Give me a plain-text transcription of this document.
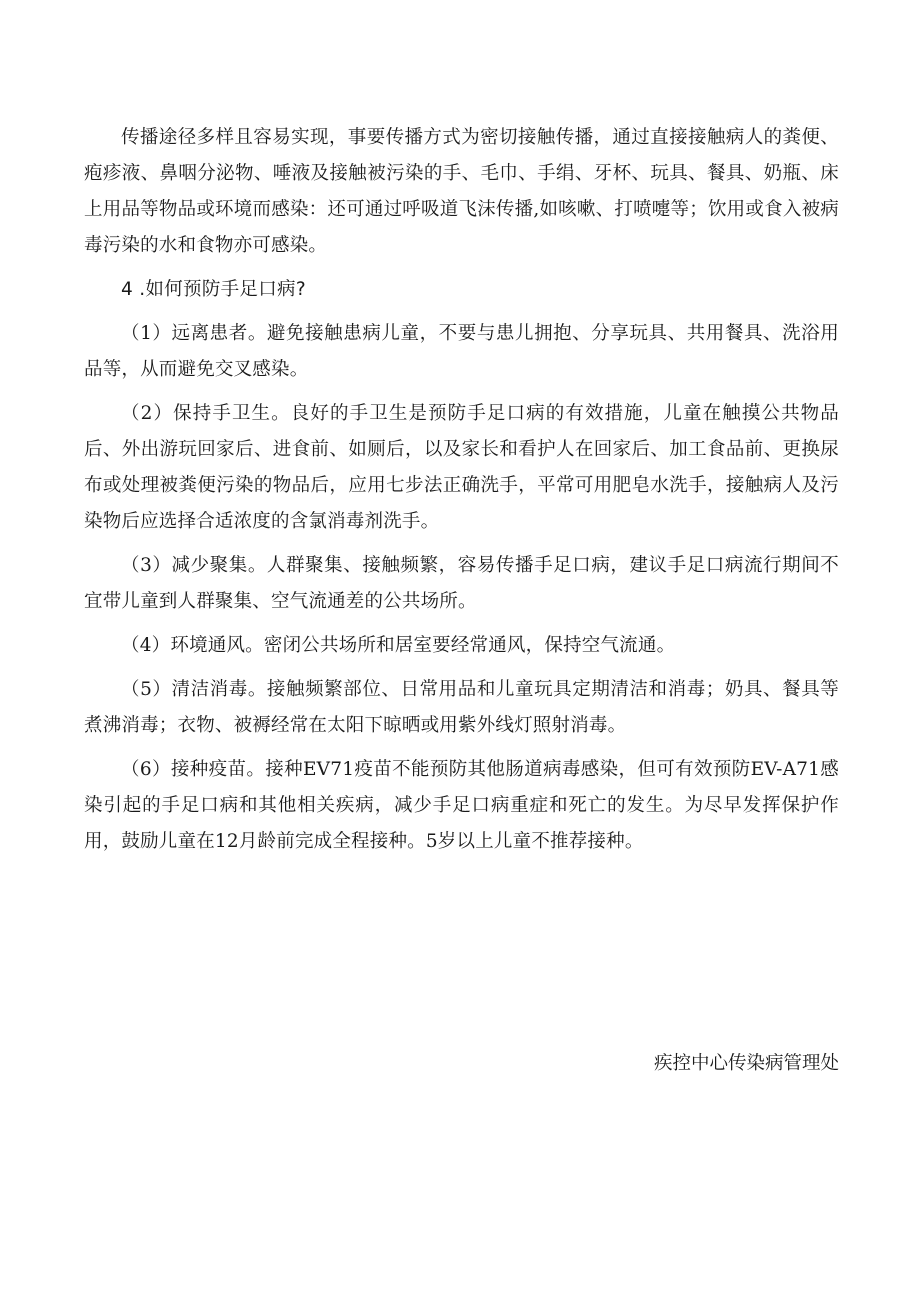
传播途径多样且容易实现，事要传播方式为密切接触传播，通过直接接触病人的粪便、疱疹液、鼻咽分泌物、唾液及接触被污染的手、毛巾、手绢、牙杯、玩具、餐具、奶瓶、床上用品等物品或环境而感染：还可通过呼吸道飞沫传播,如咳嗽、打喷嚏等；饮用或食入被病毒污染的水和食物亦可感染。

4 .如何预防手足口病?

（1）远离患者。避免接触患病儿童，不要与患儿拥抱、分享玩具、共用餐具、洗浴用品等，从而避免交叉感染。

（2）保持手卫生。良好的手卫生是预防手足口病的有效措施，儿童在触摸公共物品后、外出游玩回家后、进食前、如厕后，以及家长和看护人在回家后、加工食品前、更换尿布或处理被粪便污染的物品后，应用七步法正确洗手，平常可用肥皂水洗手，接触病人及污染物后应选择合适浓度的含氯消毒剂洗手。

（3）减少聚集。人群聚集、接触频繁，容易传播手足口病，建议手足口病流行期间不宜带儿童到人群聚集、空气流通差的公共场所。

（4）环境通风。密闭公共场所和居室要经常通风，保持空气流通。

（5）清洁消毒。接触频繁部位、日常用品和儿童玩具定期清洁和消毒；奶具、餐具等煮沸消毒；衣物、被褥经常在太阳下晾晒或用紫外线灯照射消毒。

（6）接种疫苗。接种EV71疫苗不能预防其他肠道病毒感染，但可有效预防EV-A71感染引起的手足口病和其他相关疾病，减少手足口病重症和死亡的发生。为尽早发挥保护作用，鼓励儿童在12月龄前完成全程接种。5岁以上儿童不推荐接种。

疾控中心传染病管理处
